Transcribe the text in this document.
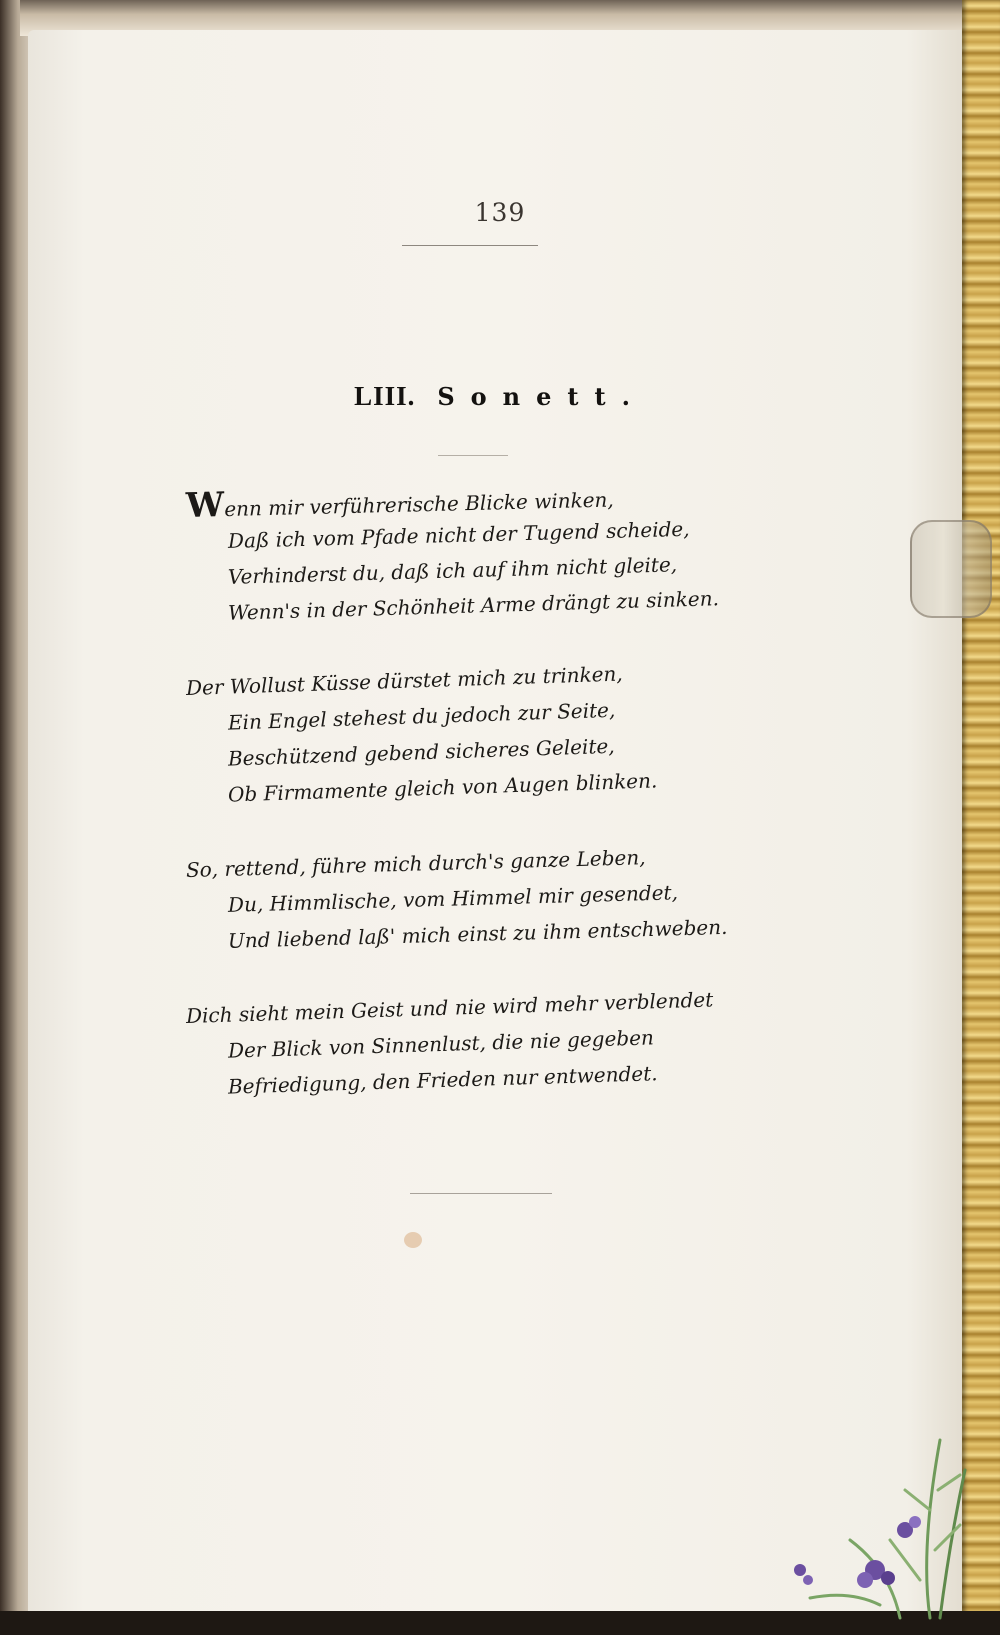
139
LIII. Sonett.
Wenn mir verführerische Blicke winken,
Daß ich vom Pfade nicht der Tugend scheide,
Verhinderst du, daß ich auf ihm nicht gleite,
Wenn's in der Schönheit Arme drängt zu sinken.
Der Wollust Küsse dürstet mich zu trinken,
Ein Engel stehest du jedoch zur Seite,
Beschützend gebend sicheres Geleite,
Ob Firmamente gleich von Augen blinken.
So, rettend, führe mich durch's ganze Leben,
Du, Himmlische, vom Himmel mir gesendet,
Und liebend laß' mich einst zu ihm entschweben.
Dich sieht mein Geist und nie wird mehr verblendet
Der Blick von Sinnenlust, die nie gegeben
Befriedigung, den Frieden nur entwendet.
